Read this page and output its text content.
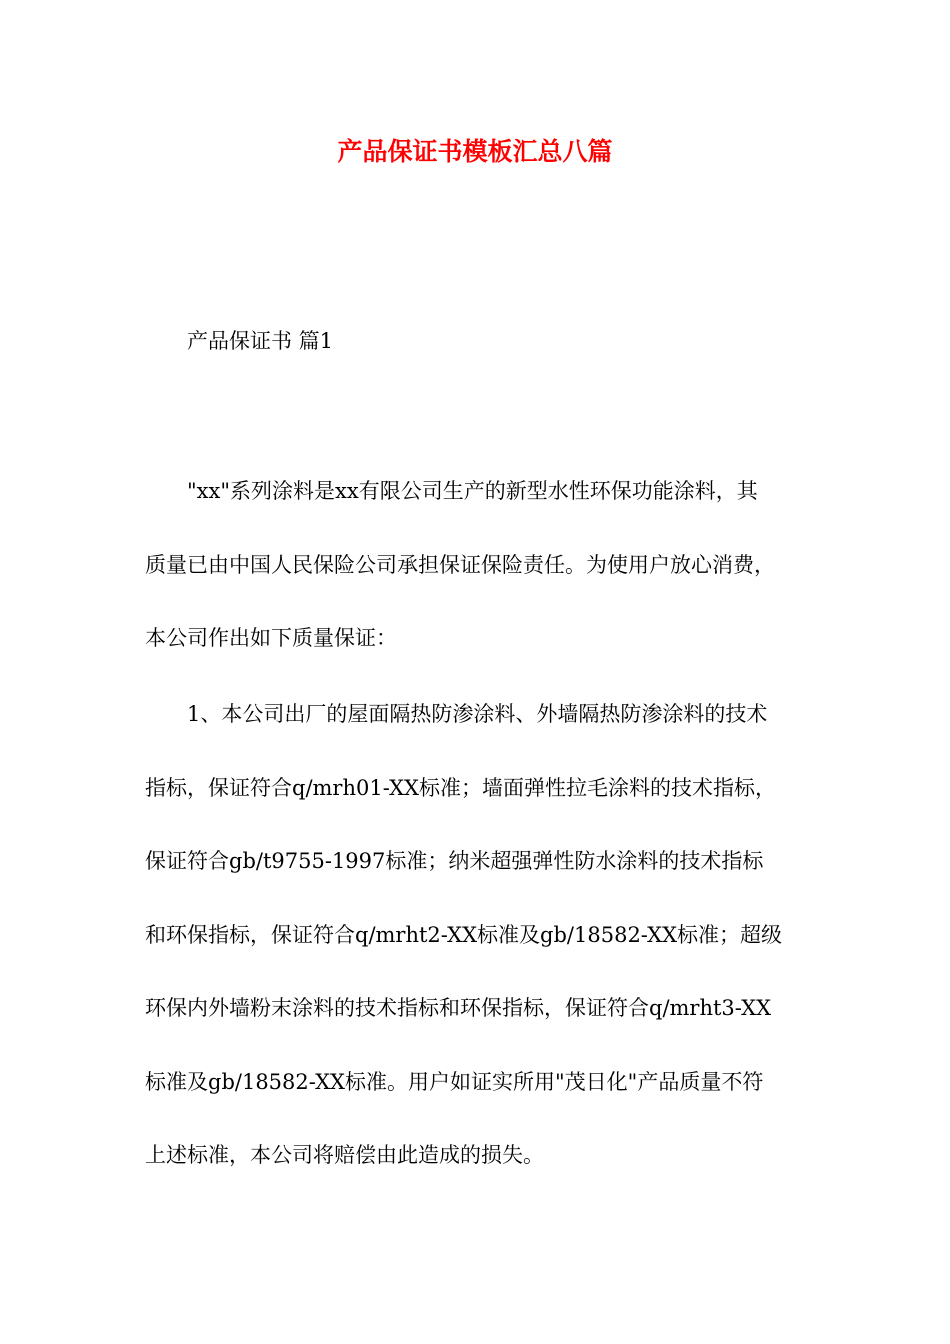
产品保证书模板汇总八篇

产品保证书 篇1

"xx"系列涂料是xx有限公司生产的新型水性环保功能涂料，其
质量已由中国人民保险公司承担保证保险责任。为使用户放心消费，
本公司作出如下质量保证：
1、本公司出厂的屋面隔热防渗涂料、外墙隔热防渗涂料的技术
指标，保证符合q/mrh01-XX标准；墙面弹性拉毛涂料的技术指标，
保证符合gb/t9755-1997标准；纳米超强弹性防水涂料的技术指标
和环保指标，保证符合q/mrht2-XX标准及gb/18582-XX标准；超级
环保内外墙粉末涂料的技术指标和环保指标，保证符合q/mrht3-XX
标准及gb/18582-XX标准。用户如证实所用"茂日化"产品质量不符
上述标准，本公司将赔偿由此造成的损失。
